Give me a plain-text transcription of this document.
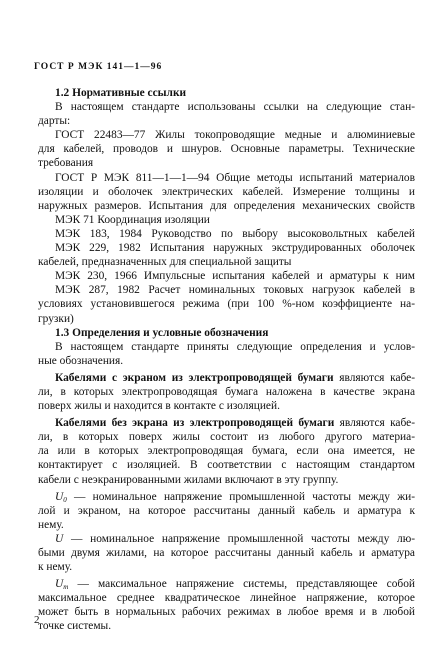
ГОСТ Р МЭК 141—1—96
1.2 Нормативные ссылки
В настоящем стандарте использованы ссылки на следующие стан-
дарты:
ГОСТ 22483—77 Жилы токопроводящие медные и алюминиевые
для кабелей, проводов и шнуров. Основные параметры. Технические
требования
ГОСТ Р МЭК 811—1—1—94 Общие методы испытаний материалов
изоляции и оболочек электрических кабелей. Измерение толщины и
наружных размеров. Испытания для определения механических свойств
МЭК 71 Координация изоляции
МЭК 183, 1984 Руководство по выбору высоковольтных кабелей
МЭК 229, 1982 Испытания наружных экструдированных оболочек
кабелей, предназначенных для специальной защиты
МЭК 230, 1966 Импульсные испытания кабелей и арматуры к ним
МЭК 287, 1982 Расчет номинальных токовых нагрузок кабелей в
условиях установившегося режима (при 100 %-ном коэффициенте на-
грузки)
1.3 Определения и условные обозначения
В настоящем стандарте приняты следующие определения и услов-
ные обозначения.
Кабелями с экраном из электропроводящей бумаги являются кабе-
ли, в которых электропроводящая бумага наложена в качестве экрана
поверх жилы и находится в контакте с изоляцией.
Кабелями без экрана из электропроводящей бумаги являются кабе-
ли, в которых поверх жилы состоит из любого другого материа-
ла или в которых электропроводящая бумага, если она имеется, не
контактирует с изоляцией. В соответствии с настоящим стандартом
кабели с неэкранированными жилами включают в эту группу.
$U_0$ — номинальное напряжение промышленной частоты между жи-
лой и экраном, на которое рассчитаны данный кабель и арматура к
нему.
U — номинальное напряжение промышленной частоты между лю-
быми двумя жилами, на которое рассчитаны данный кабель и арматура
к нему.
$U_m$ — максимальное напряжение системы, представляющее собой
максимальное среднее квадратическое линейное напряжение, которое
может быть в нормальных рабочих режимах в любое время и в любой
точке системы.
2
